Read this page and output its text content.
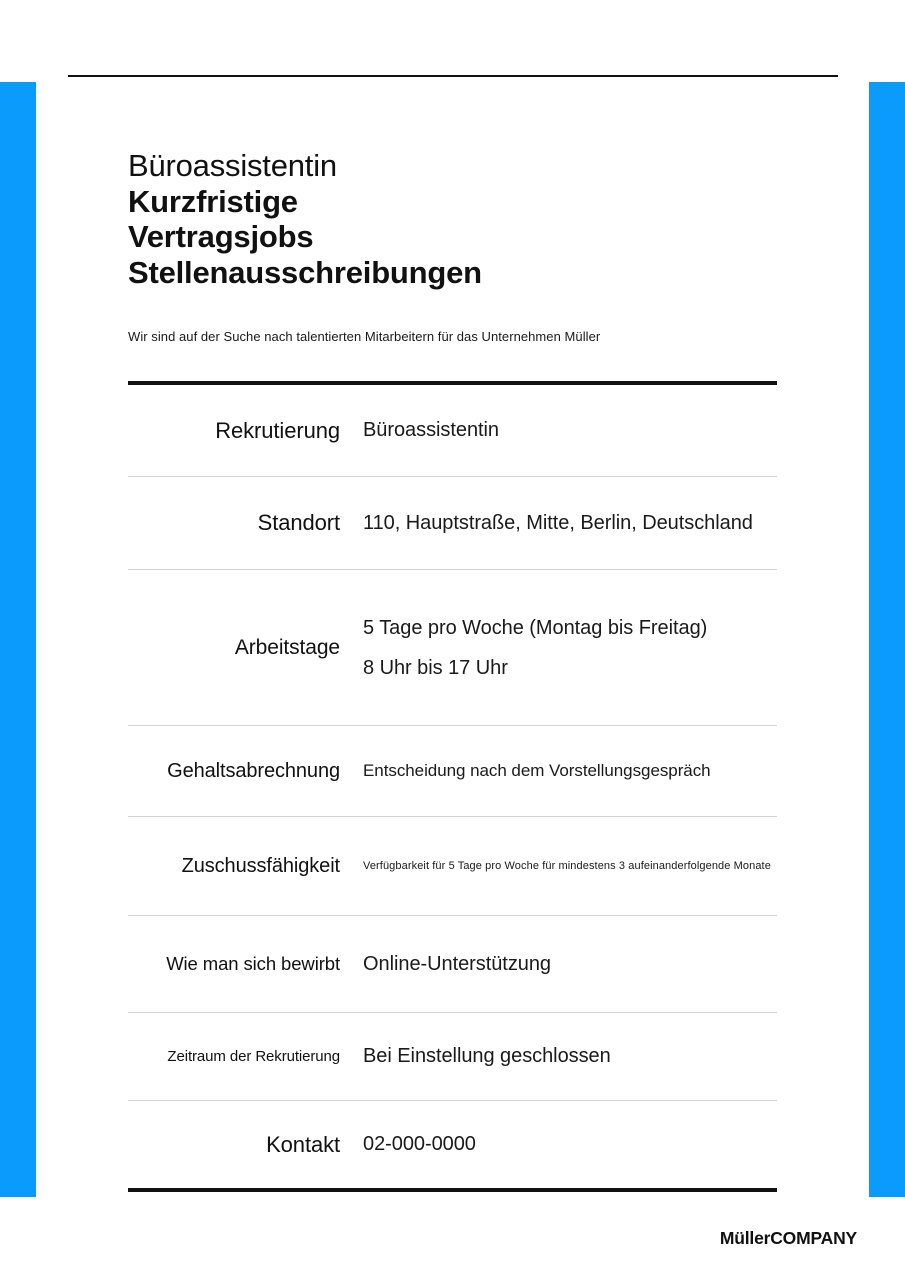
Büroassistentin
Kurzfristige
Vertragsjobs
Stellenausschreibungen

Wir sind auf der Suche nach talentierten Mitarbeitern für das Unternehmen Müller

Rekrutierung	Büroassistentin
Standort	110, Hauptstraße, Mitte, Berlin, Deutschland
Arbeitstage	5 Tage pro Woche (Montag bis Freitag)
8 Uhr bis 17 Uhr

Gehaltsabrechnung	Entscheidung nach dem Vorstellungsgespräch
Zuschussfähigkeit	Verfügbarkeit für 5 Tage pro Woche für mindestens 3 aufeinanderfolgende Monate
Wie man sich bewirbt	Online-Unterstützung
Zeitraum der Rekrutierung	Bei Einstellung geschlossen
Kontakt	02-000-0000
MüllerCOMPANY
